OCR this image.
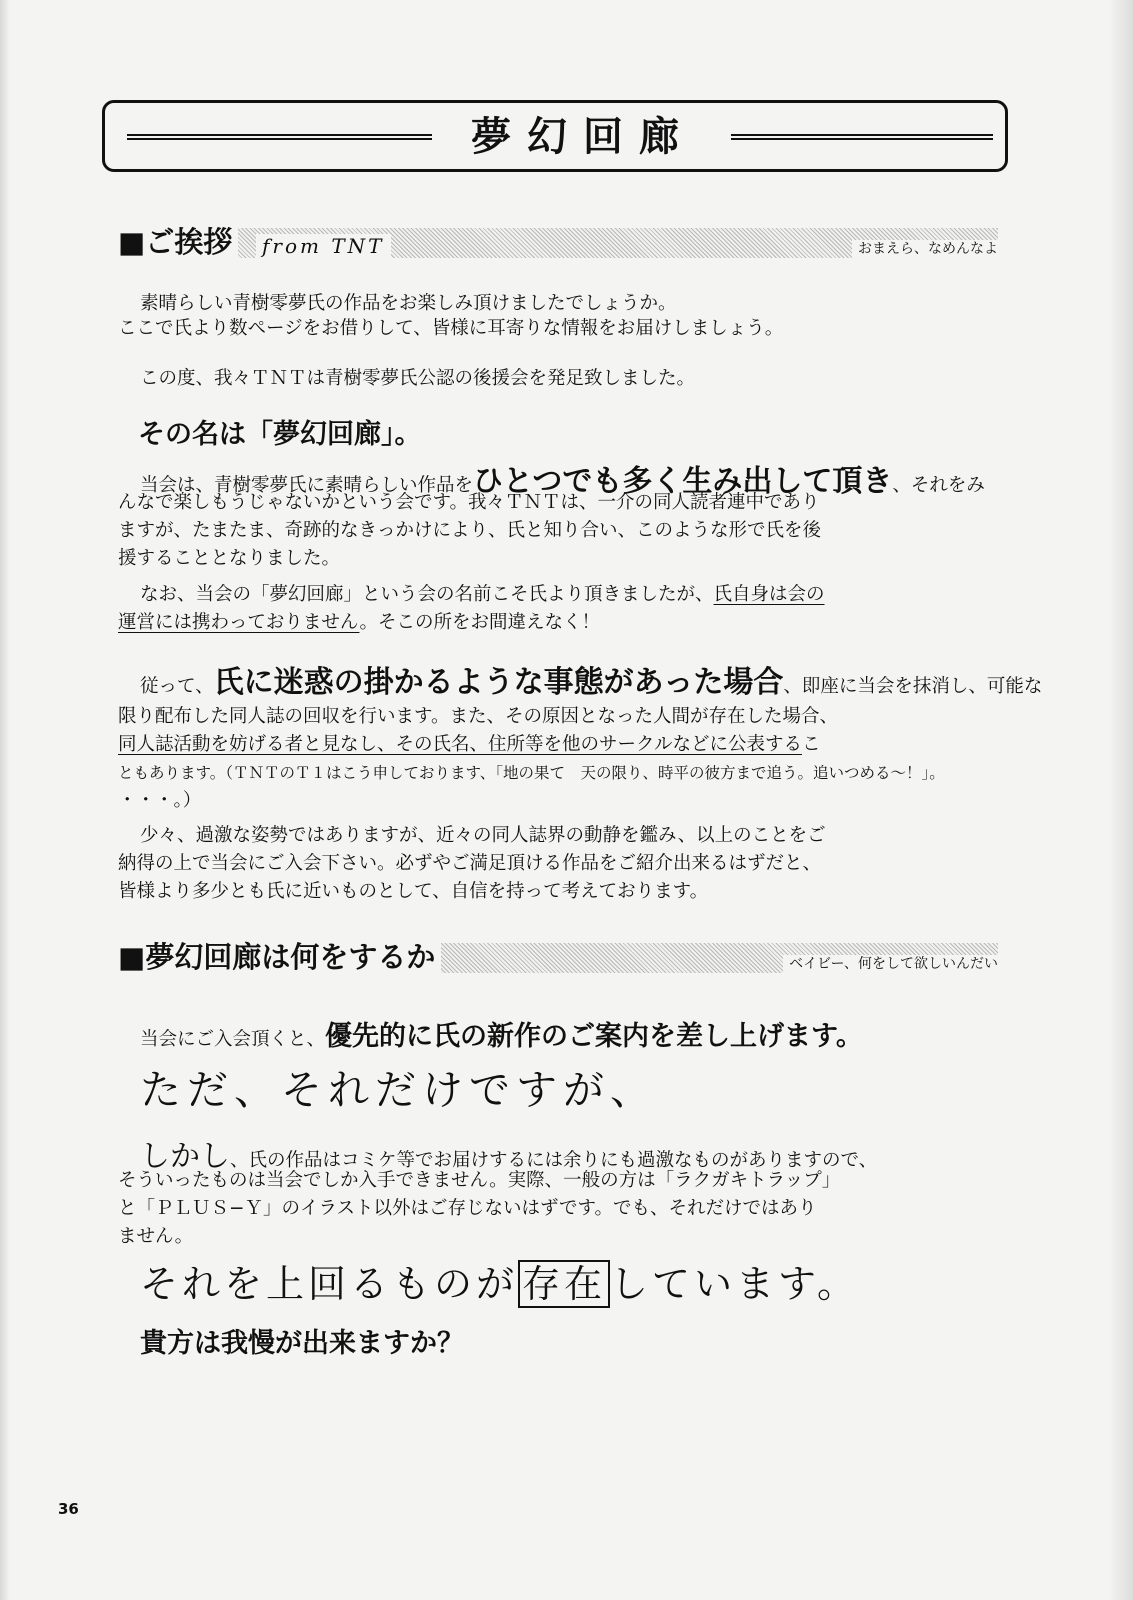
夢幻回廊
■ご挨拶	from TNT	おまえら、なめんなよ
素晴らしい青樹零夢氏の作品をお楽しみ頂けましたでしょうか。
ここで氏より数ページをお借りして、皆様に耳寄りな情報をお届けしましょう。
この度、我々ＴＮＴは青樹零夢氏公認の後援会を発足致しました。
その名は「夢幻回廊」。
当会は、青樹零夢氏に素晴らしい作品をひとつでも多く生み出して頂き、それをみ
んなで楽しもうじゃないかという会です。我々ＴＮＴは、一介の同人読者連中であり
ますが、たまたま、奇跡的なきっかけにより、氏と知り合い、このような形で氏を後
援することとなりました。
なお、当会の「夢幻回廊」という会の名前こそ氏より頂きましたが、氏自身は会の
運営には携わっておりません。そこの所をお間違えなく！
従って、氏に迷惑の掛かるような事態があった場合、即座に当会を抹消し、可能な
限り配布した同人誌の回収を行います。また、その原因となった人間が存在した場合、
同人誌活動を妨げる者と見なし、その氏名、住所等を他のサークルなどに公表するこ
ともあります。（ＴＮＴのＴ１はこう申しております、「地の果て　天の限り、時平の彼方まで追う。追いつめる〜！」。
・・・。）
少々、過激な姿勢ではありますが、近々の同人誌界の動静を鑑み、以上のことをご
納得の上で当会にご入会下さい。必ずやご満足頂ける作品をご紹介出来るはずだと、
皆様より多少とも氏に近いものとして、自信を持って考えております。
■夢幻回廊は何をするか	ベイビー、何をして欲しいんだい
当会にご入会頂くと、優先的に氏の新作のご案内を差し上げます。
ただ、それだけですが、
しかし、氏の作品はコミケ等でお届けするには余りにも過激なものがありますので、
そういったものは当会でしか入手できません。実際、一般の方は「ラクガキトラップ」
と「ＰＬＵＳ−Ｙ」のイラスト以外はご存じないはずです。でも、それだけではあり
ません。
それを上回るものが 存在 しています。
貴方は我慢が出来ますか？
36
